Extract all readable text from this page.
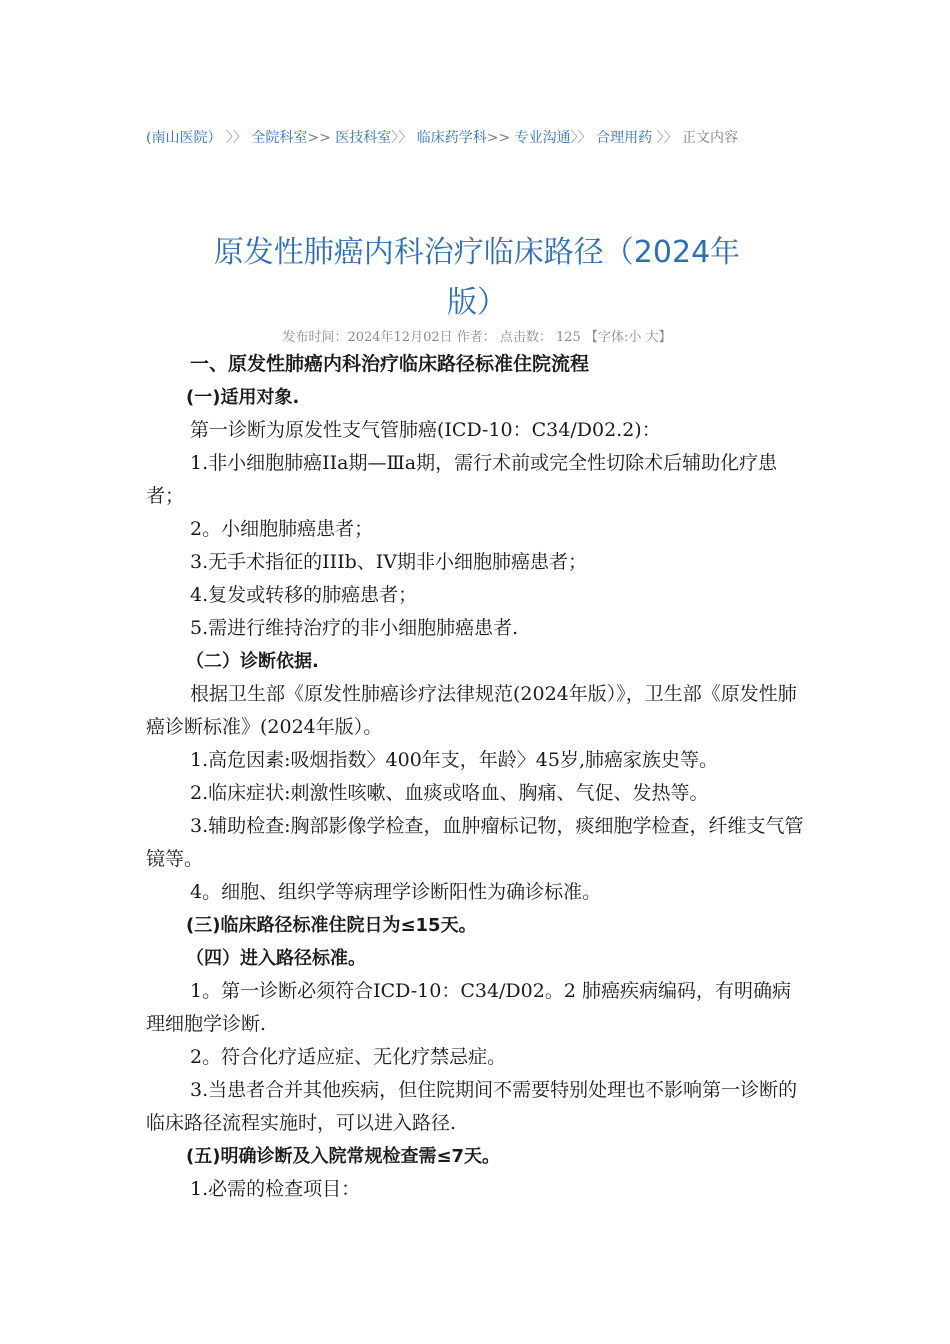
(南山医院） 〉〉 全院科室>> 医技科室〉〉 临床药学科>> 专业沟通〉〉 合理用药 〉〉 正文内容
原发性肺癌内科治疗临床路径（2024年
版）
发布时间：2024年12月02日 作者： 点击数： 125 【字体:小 大】

一、原发性肺癌内科治疗临床路径标准住院流程

(一)适用对象.

第一诊断为原发性支气管肺癌(ICD-10：C34/D02.2)：

1.非小细胞肺癌IIa期—Ⅲa期，需行术前或完全性切除术后辅助化疗患者；

2。小细胞肺癌患者；

3.无手术指征的IIIb、IV期非小细胞肺癌患者；

4.复发或转移的肺癌患者；

5.需进行维持治疗的非小细胞肺癌患者.

（二）诊断依据.

根据卫生部《原发性肺癌诊疗法律规范(2024年版）》，卫生部《原发性肺癌诊断标准》(2024年版）。

1.高危因素:吸烟指数〉400年支，年龄〉45岁,肺癌家族史等。

2.临床症状:刺激性咳嗽、血痰或咯血、胸痛、气促、发热等。

3.辅助检查:胸部影像学检查，血肿瘤标记物，痰细胞学检查，纤维支气管镜等。

4。细胞、组织学等病理学诊断阳性为确诊标准。

(三)临床路径标准住院日为≤15天。

（四）进入路径标准。

1。第一诊断必须符合ICD-10：C34/D02。2 肺癌疾病编码，有明确病理细胞学诊断.

2。符合化疗适应症、无化疗禁忌症。

3.当患者合并其他疾病，但住院期间不需要特别处理也不影响第一诊断的临床路径流程实施时，可以进入路径.

(五)明确诊断及入院常规检查需≤7天。

1.必需的检查项目：
